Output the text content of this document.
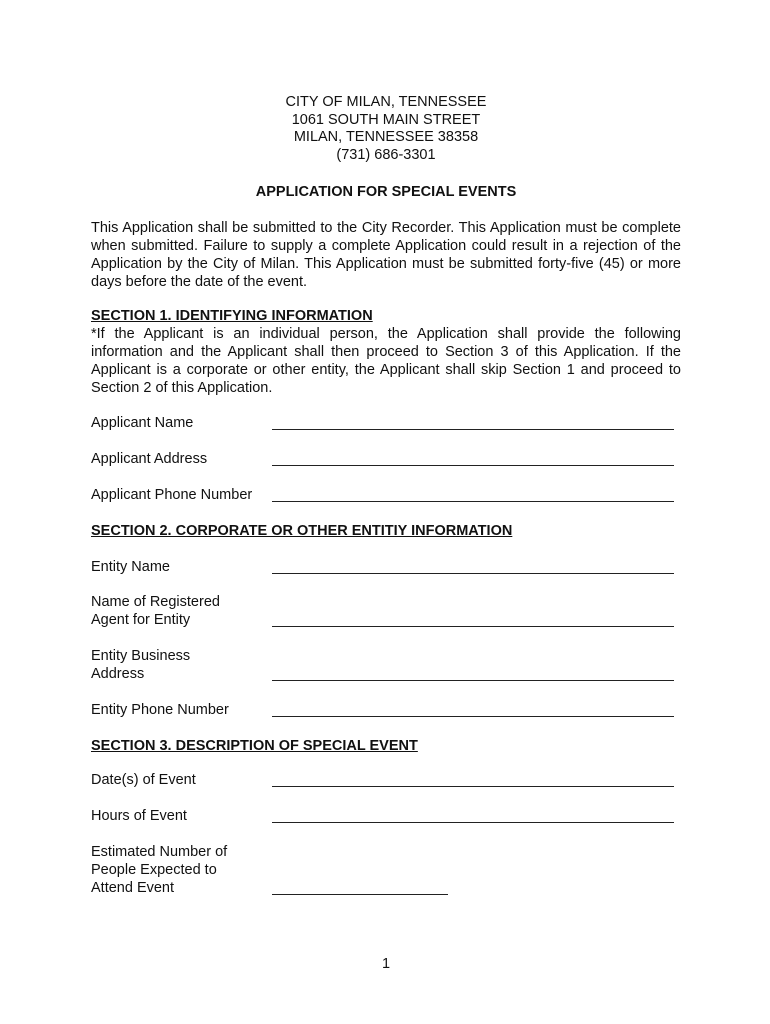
CITY OF MILAN, TENNESSEE
1061 SOUTH MAIN STREET
MILAN, TENNESSEE 38358
(731) 686-3301
APPLICATION FOR SPECIAL EVENTS

This Application shall be submitted to the City Recorder. This Application must be complete when submitted. Failure to supply a complete Application could result in a rejection of the Application by the City of Milan. This Application must be submitted forty-five (45) or more days before the date of the event.

SECTION 1. IDENTIFYING INFORMATION

*If the Applicant is an individual person, the Application shall provide the following information and the Applicant shall then proceed to Section 3 of this Application. If the Applicant is a corporate or other entity, the Applicant shall skip Section 1 and proceed to Section 2 of this Application.

Applicant Name
Applicant Address
Applicant Phone Number
SECTION 2. CORPORATE OR OTHER ENTITIY INFORMATION
Entity Name
Name of Registered
Agent for Entity
Entity Business
Address
Entity Phone Number
SECTION 3. DESCRIPTION OF SPECIAL EVENT
Date(s) of Event
Hours of Event
Estimated Number of
People Expected to
Attend Event
1
